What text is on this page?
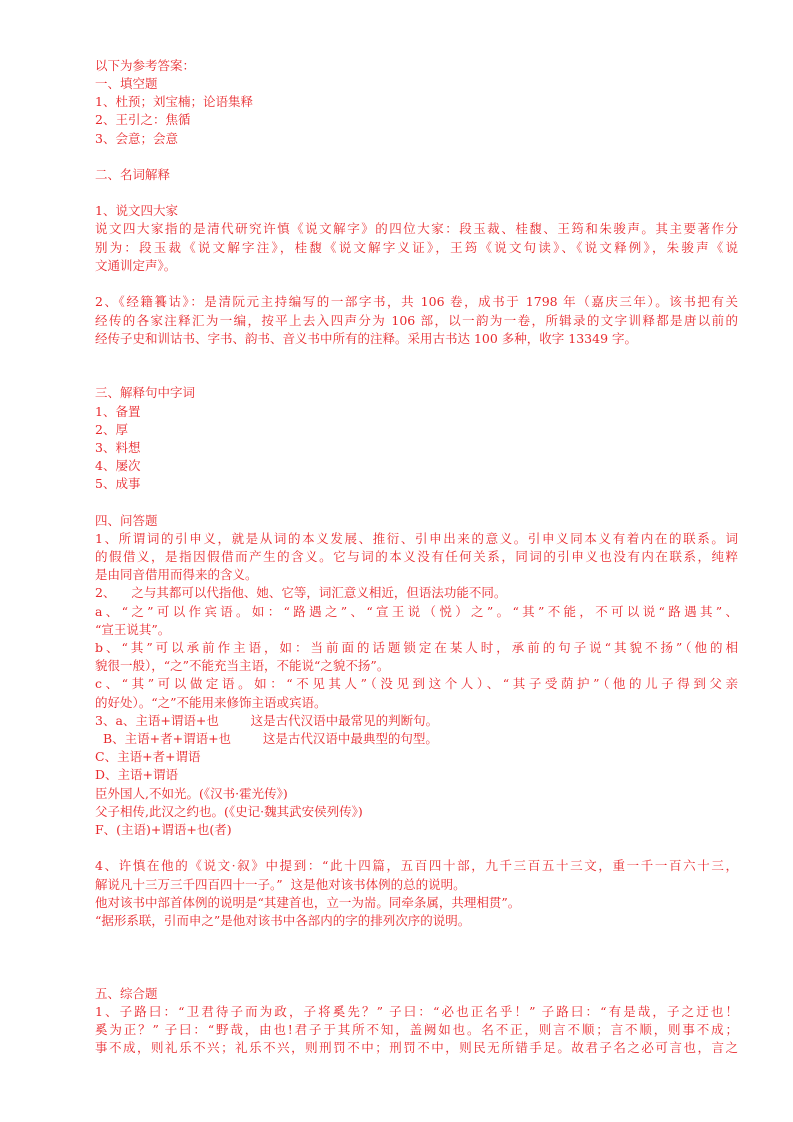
以下为参考答案：
一、填空题
1、杜预；刘宝楠；论语集释
2、王引之：焦循
3、会意；会意
二、名词解释
1、说文四大家
说文四大家指的是清代研究许慎《说文解字》的四位大家：段玉裁、桂馥、王筠和朱骏声。其主要著作分
别为：段玉裁《说文解字注》，桂馥《说文解字义证》，王筠《说文句读》、《说文释例》，朱骏声《说
文通训定声》。
2、《经籍籑诂》：是清阮元主持编写的一部字书，共 106 卷，成书于 1798 年（嘉庆三年）。该书把有关
经传的各家注释汇为一编，按平上去入四声分为 106 部，以一韵为一卷，所辑录的文字训释都是唐以前的
经传子史和训诂书、字书、韵书、音义书中所有的注释。采用古书达 100 多种，收字 13349 字。
三、解释句中字词
1、备置
2、厚
3、料想
4、屡次
5、成事
四、问答题
1、所谓词的引申义，就是从词的本义发展、推衍、引申出来的意义。引申义同本义有着内在的联系。词
的假借义，是指因假借而产生的含义。它与词的本义没有任何关系，同词的引申义也没有内在联系，纯粹
是由同音借用而得来的含义。
2、    之与其都可以代指他、她、它等，词汇意义相近，但语法功能不同。
a、“之”可以作宾语。如：“路遇之”、“宣王说（悦）之”。“其”不能，不可以说“路遇其”、
“宣王说其”。
b、“其”可以承前作主语，如：当前面的话题锁定在某人时，承前的句子说“其貌不扬”（他的相
貌很一般），“之”不能充当主语，不能说“之貌不扬”。
c、“其”可以做定语。如：“不见其人”（没见到这个人）、“其子受荫护”（他的儿子得到父亲
的好处）。“之”不能用来修饰主语或宾语。
3、a、主语+谓语+也        这是古代汉语中最常见的判断句。
B、主语+者+谓语+也        这是古代汉语中最典型的句型。
C、主语+者+谓语
D、主语+谓语
臣外国人,不如光。(《汉书·霍光传》)
父子相传,此汉之约也。(《史记·魏其武安侯列传》)
F、(主语)+谓语+也(者)
4、许慎在他的《说文·叙》中提到：“此十四篇，五百四十部，九千三百五十三文，重一千一百六十三，
解说凡十三万三千四百四十一子。”  这是他对该书体例的总的说明。
他对该书中部首体例的说明是“其建首也，立一为耑。同牵条属，共理相贯”。
“据形系联，引而申之”是他对该书中各部内的字的排列次序的说明。
五、综合题
1、子路曰：“卫君待子而为政，子将奚先？” 子曰：“必也正名乎！” 子路曰：“有是哉，子之迂也！
奚为正？” 子曰：“野哉，由也!君子于其所不知，盖阙如也。名不正，则言不顺；言不顺，则事不成；
事不成，则礼乐不兴；礼乐不兴，则刑罚不中；刑罚不中，则民无所错手足。故君子名之必可言也，言之
